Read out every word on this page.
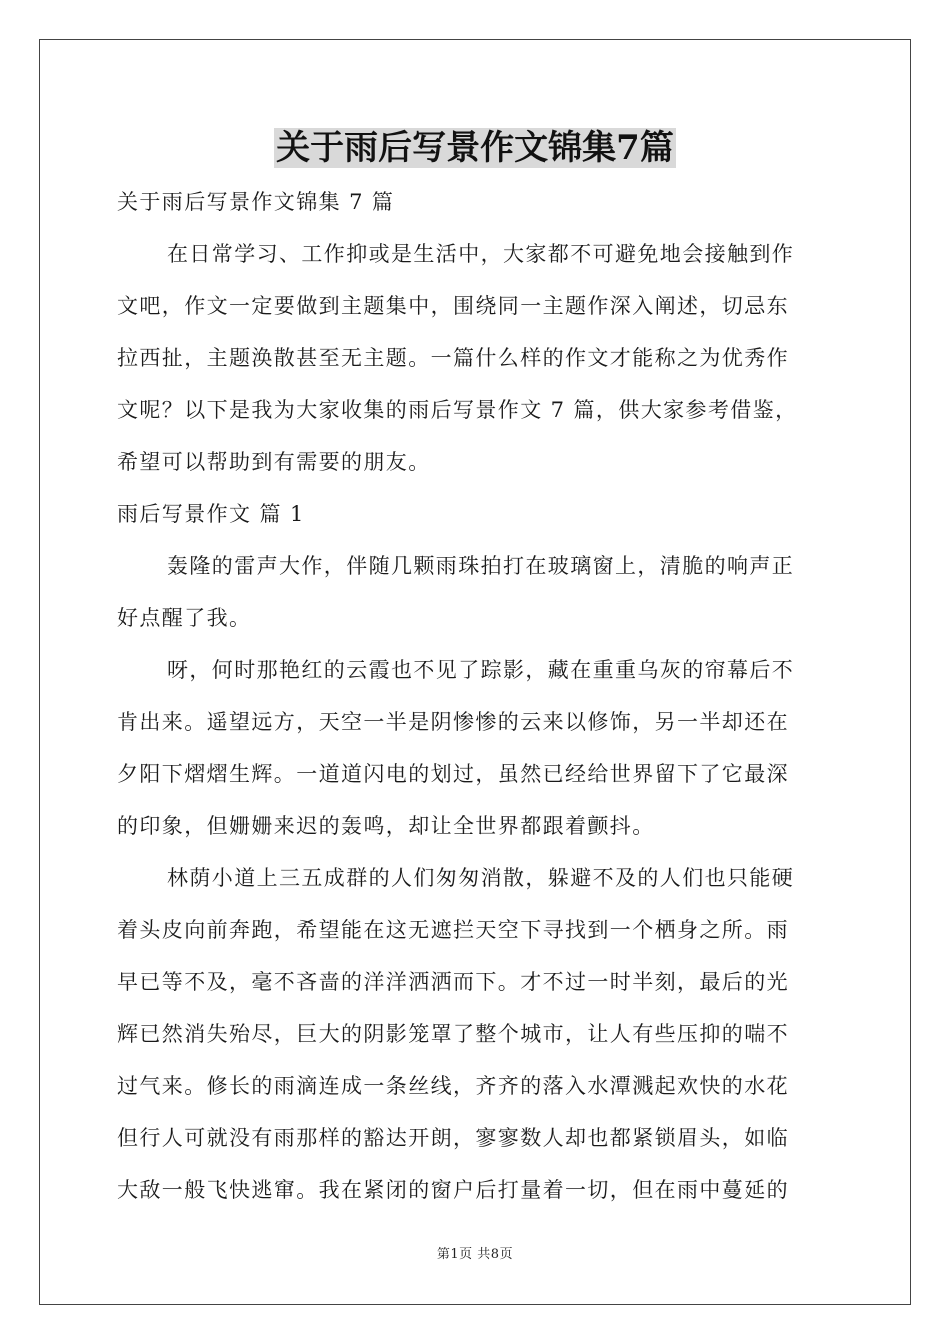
关于雨后写景作文锦集7篇
关于雨后写景作文锦集 7 篇
在日常学习、工作抑或是生活中，大家都不可避免地会接触到作
文吧，作文一定要做到主题集中，围绕同一主题作深入阐述，切忌东
拉西扯，主题涣散甚至无主题。一篇什么样的作文才能称之为优秀作
文呢？以下是我为大家收集的雨后写景作文 7 篇，供大家参考借鉴，
希望可以帮助到有需要的朋友。
雨后写景作文 篇 1
轰隆的雷声大作，伴随几颗雨珠拍打在玻璃窗上，清脆的响声正
好点醒了我。
呀，何时那艳红的云霞也不见了踪影，藏在重重乌灰的帘幕后不
肯出来。遥望远方，天空一半是阴惨惨的云来以修饰，另一半却还在
夕阳下熠熠生辉。一道道闪电的划过，虽然已经给世界留下了它最深
的印象，但姗姗来迟的轰鸣，却让全世界都跟着颤抖。
林荫小道上三五成群的人们匆匆消散，躲避不及的人们也只能硬
着头皮向前奔跑，希望能在这无遮拦天空下寻找到一个栖身之所。雨
早已等不及，毫不吝啬的洋洋洒洒而下。才不过一时半刻，最后的光
辉已然消失殆尽，巨大的阴影笼罩了整个城市，让人有些压抑的喘不
过气来。修长的雨滴连成一条丝线，齐齐的落入水潭溅起欢快的水花
但行人可就没有雨那样的豁达开朗，寥寥数人却也都紧锁眉头，如临
大敌一般飞快逃窜。我在紧闭的窗户后打量着一切，但在雨中蔓延的
第1页 共8页
